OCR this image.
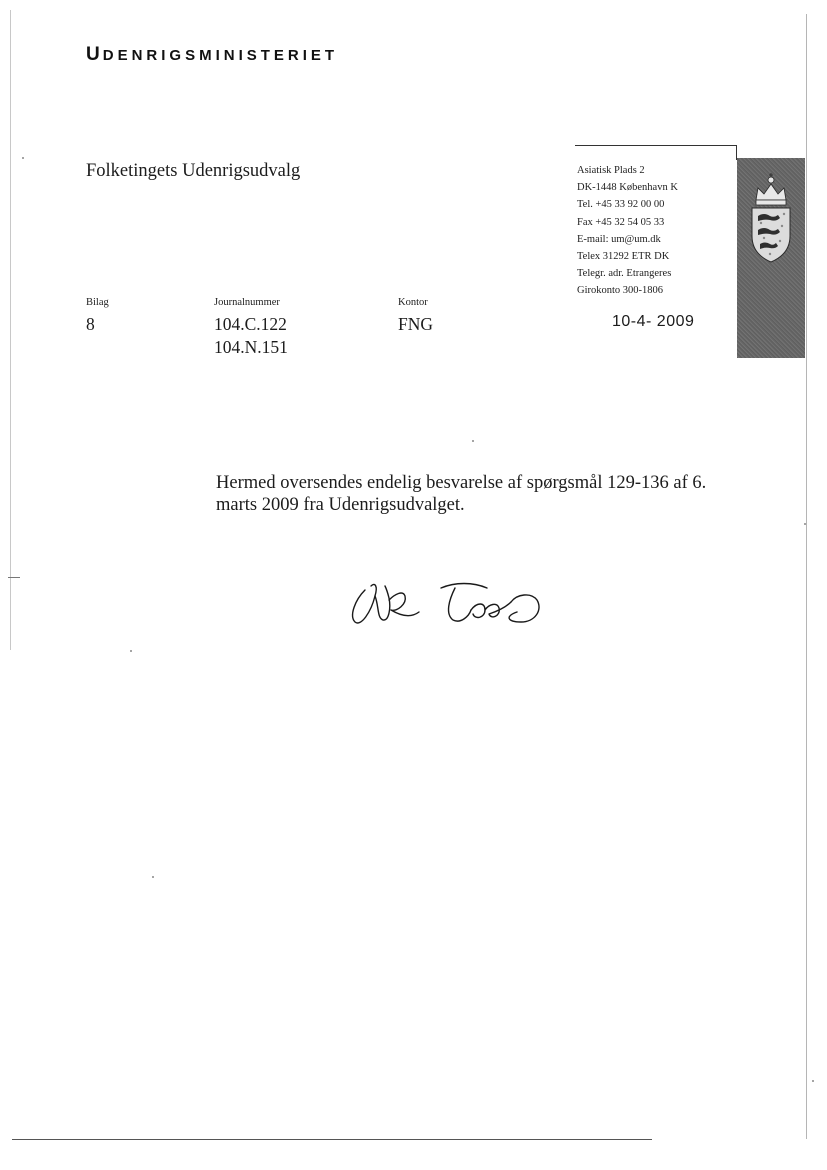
UDENRIGSMINISTERIET
Folketingets Udenrigsudvalg	Asiatisk Plads 2
DK-1448 København K
Tel. +45 33 92 00 00
Fax +45 32 54 05 33
E-mail: um@um.dk
Telex 31292 ETR DK
Telegr. adr. Etrangeres
Girokonto 300-1806
Bilag
8
Journalnummer
104.C.122
104.N.151
Kontor
FNG	10-4- 2009
Hermed oversendes endelig besvarelse af spørgsmål 129-136 af 6. marts 2009 fra Udenrigsudvalget.
